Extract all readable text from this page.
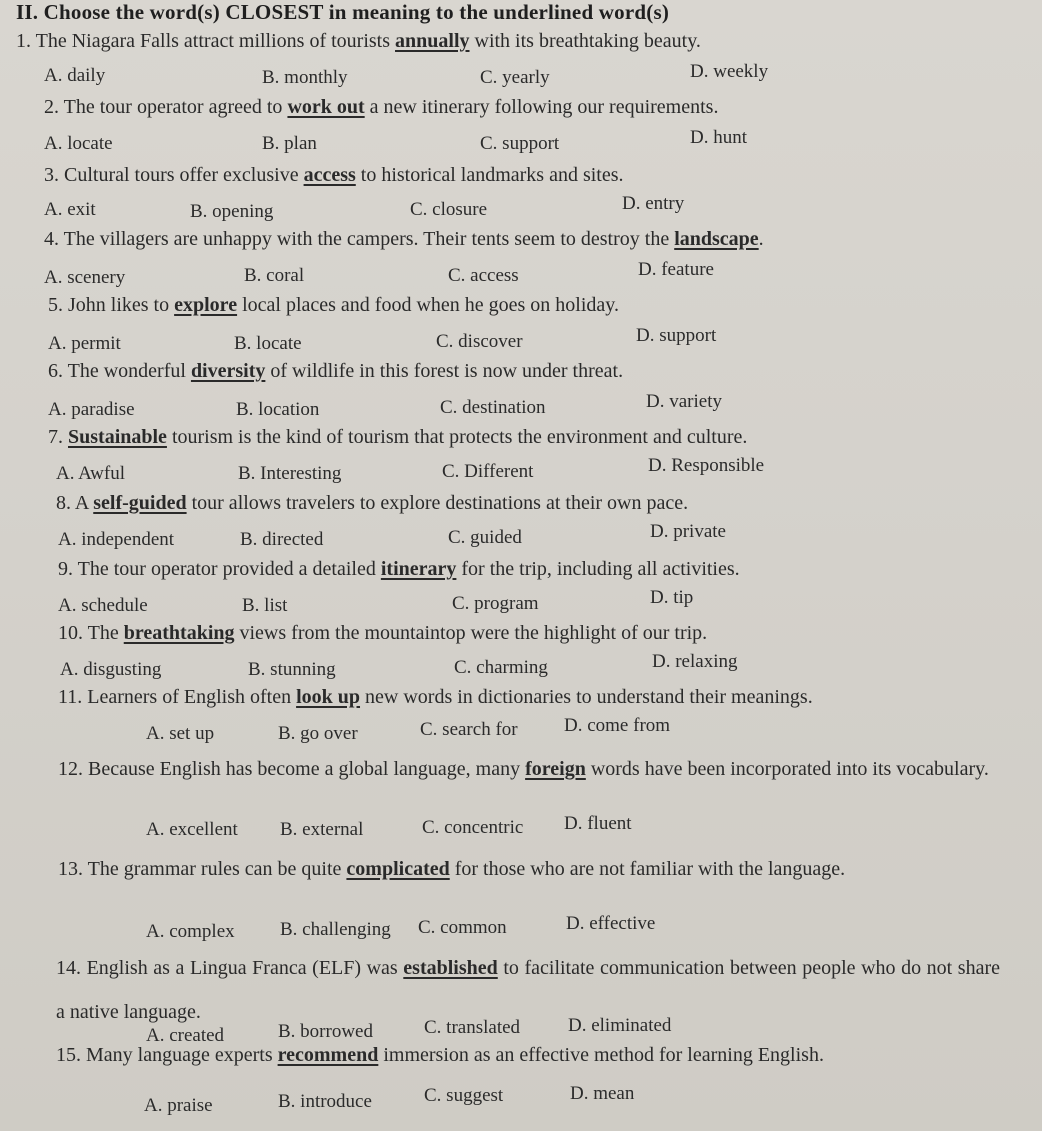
II. Choose the word(s) CLOSEST in meaning to the underlined word(s)
1. The Niagara Falls attract millions of tourists annually with its breathtaking beauty.
A. daily	B. monthly	C. yearly	D. weekly
2. The tour operator agreed to work out a new itinerary following our requirements.
A. locate	B. plan	C. support	D. hunt
3. Cultural tours offer exclusive access to historical landmarks and sites.
A. exit	B. opening	C. closure	D. entry
4. The villagers are unhappy with the campers. Their tents seem to destroy the landscape.
A. scenery	B. coral	C. access	D. feature
5. John likes to explore local places and food when he goes on holiday.
A. permit	B. locate	C. discover	D. support
6. The wonderful diversity of wildlife in this forest is now under threat.
A. paradise	B. location	C. destination	D. variety
7. Sustainable tourism is the kind of tourism that protects the environment and culture.
A. Awful	B. Interesting	C. Different	D. Responsible
8. A self-guided tour allows travelers to explore destinations at their own pace.
A. independent	B. directed	C. guided	D. private
9. The tour operator provided a detailed itinerary for the trip, including all activities.
A. schedule	B. list	C. program	D. tip
10. The breathtaking views from the mountaintop were the highlight of our trip.
A. disgusting	B. stunning	C. charming	D. relaxing
11. Learners of English often look up new words in dictionaries to understand their meanings.
A. set up	B. go over	C. search for D. come from
12. Because English has become a global language, many foreign words have been incorporated into its vocabulary.
A. excellent B. external	C. concentric D. fluent
13. The grammar rules can be quite complicated for those who are not familiar with the language.
A. complex B. challenging C. common	D. effective
14. English as a Lingua Franca (ELF) was established to facilitate communication between people who do not share a native language.
A. created	B. borrowed	C. translated	D. eliminated
15. Many language experts recommend immersion as an effective method for learning English.
A. praise	B. introduce	C. suggest	D. mean
